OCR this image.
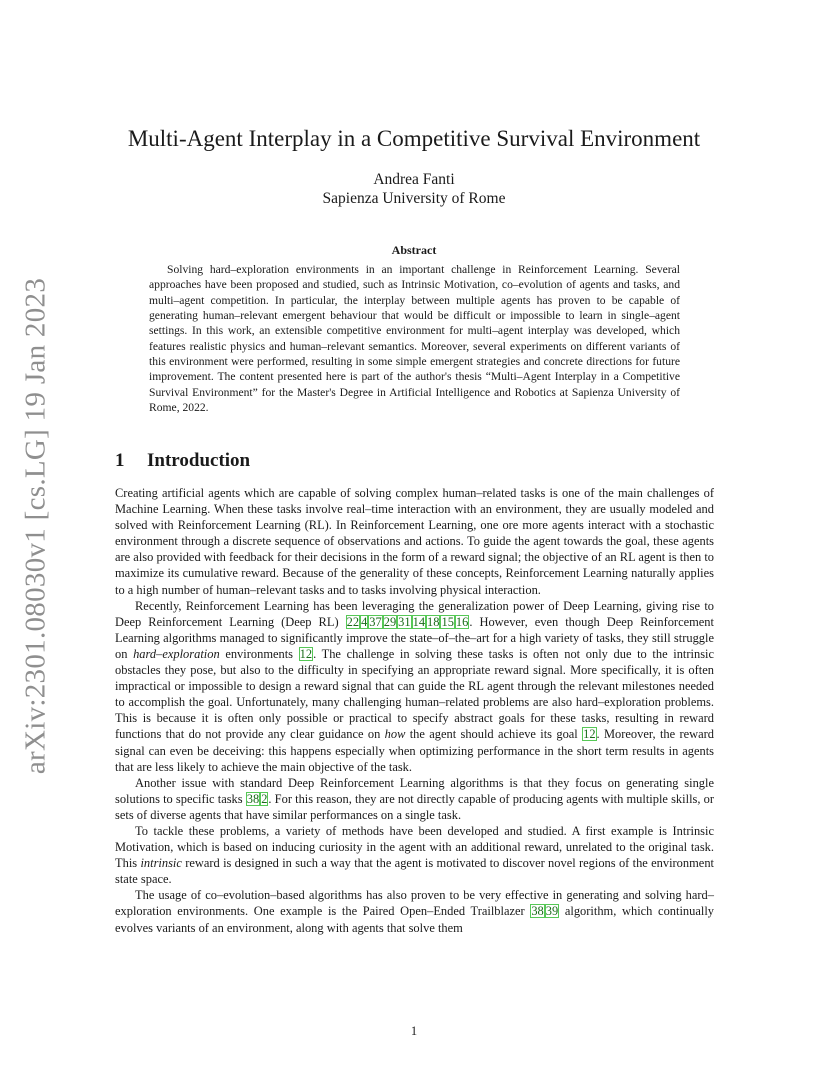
arXiv:2301.08030v1 [cs.LG] 19 Jan 2023
Multi-Agent Interplay in a Competitive Survival Environment
Andrea Fanti
Sapienza University of Rome
Abstract
Solving hard–exploration environments in an important challenge in Reinforcement Learning. Several approaches have been proposed and studied, such as Intrinsic Motivation, co–evolution of agents and tasks, and multi–agent competition. In particular, the interplay between multiple agents has proven to be capable of generating human–relevant emergent behaviour that would be difficult or impossible to learn in single–agent settings. In this work, an extensible competitive environment for multi–agent interplay was developed, which features realistic physics and human–relevant semantics. Moreover, several experiments on different variants of this environment were performed, resulting in some simple emergent strategies and concrete directions for future improvement. The content presented here is part of the author's thesis “Multi–Agent Interplay in a Competitive Survival Environment” for the Master's Degree in Artificial Intelligence and Robotics at Sapienza University of Rome, 2022.
1 Introduction

Creating artificial agents which are capable of solving complex human–related tasks is one of the main challenges of Machine Learning. When these tasks involve real–time interaction with an environment, they are usually modeled and solved with Reinforcement Learning (RL). In Reinforcement Learning, one ore more agents interact with a stochastic environment through a discrete sequence of observations and actions. To guide the agent towards the goal, these agents are also provided with feedback for their decisions in the form of a reward signal; the objective of an RL agent is then to maximize its cumulative reward. Because of the generality of these concepts, Reinforcement Learning naturally applies to a high number of human–relevant tasks and to tasks involving physical interaction.

Recently, Reinforcement Learning has been leveraging the generalization power of Deep Learning, giving rise to Deep Reinforcement Learning (Deep RL) 22 4 37 29 31 14 18 15 16. However, even though Deep Reinforcement Learning algorithms managed to significantly improve the state–of–the–art for a high variety of tasks, they still struggle on hard–exploration environments 12. The challenge in solving these tasks is often not only due to the intrinsic obstacles they pose, but also to the difficulty in specifying an appropriate reward signal. More specifically, it is often impractical or impossible to design a reward signal that can guide the RL agent through the relevant milestones needed to accomplish the goal. Unfortunately, many challenging human–related problems are also hard–exploration problems. This is because it is often only possible or practical to specify abstract goals for these tasks, resulting in reward functions that do not provide any clear guidance on how the agent should achieve its goal 12. Moreover, the reward signal can even be deceiving: this happens especially when optimizing performance in the short term results in agents that are less likely to achieve the main objective of the task.

Another issue with standard Deep Reinforcement Learning algorithms is that they focus on generating single solutions to specific tasks 38 2. For this reason, they are not directly capable of producing agents with multiple skills, or sets of diverse agents that have similar performances on a single task.

To tackle these problems, a variety of methods have been developed and studied. A first example is Intrinsic Motivation, which is based on inducing curiosity in the agent with an additional reward, unrelated to the original task. This intrinsic reward is designed in such a way that the agent is motivated to discover novel regions of the environment state space.

The usage of co–evolution–based algorithms has also proven to be very effective in generating and solving hard–exploration environments. One example is the Paired Open–Ended Trailblazer 38 39 algorithm, which continually evolves variants of an environment, along with agents that solve them

1
